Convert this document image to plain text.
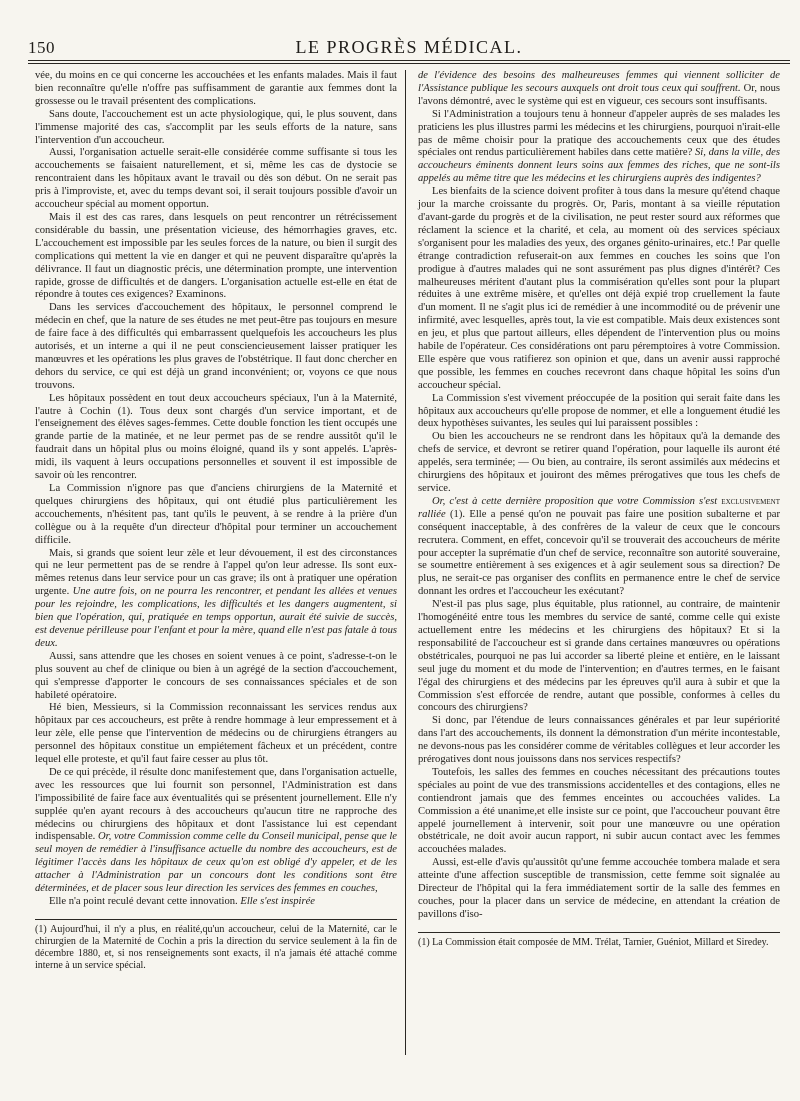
150	LE PROGRÈS MÉDICAL.

vée, du moins en ce qui concerne les accouchées et les enfants malades. Mais il faut bien reconnaître qu'elle n'offre pas suffisamment de garantie aux femmes dont la grossesse ou le travail présentent des complications.

Sans doute, l'accouchement est un acte physiologique, qui, le plus souvent, dans l'immense majorité des cas, s'accomplit par les seuls efforts de la nature, sans l'intervention d'un accoucheur.

Aussi, l'organisation actuelle serait-elle considérée comme suffisante si tous les accouchements se faisaient naturellement, et si, même les cas de dystocie se rencontraient dans les hôpitaux avant le travail ou dès son début. On ne serait pas pris à l'improviste, et, avec du temps devant soi, il serait toujours possible d'avoir un accoucheur spécial au moment opportun.

Mais il est des cas rares, dans lesquels on peut rencontrer un rétrécissement considérable du bassin, une présentation vicieuse, des hémorrhagies graves, etc. L'accouchement est impossible par les seules forces de la nature, ou bien il surgit des complications qui mettent la vie en danger et qui ne peuvent disparaître qu'après la délivrance. Il faut un diagnostic précis, une détermination prompte, une intervention rapide, grosse de difficultés et de dangers. L'organisation actuelle est-elle en état de répondre à toutes ces exigences? Examinons.

Dans les services d'accouchement des hôpitaux, le personnel comprend le médecin en chef, que la nature de ses études ne met peut-être pas toujours en mesure de faire face à des difficultés qui embarrassent quelquefois les accoucheurs les plus autorisés, et un interne a qui il ne peut consciencieusement laisser pratiquer les manœuvres et les opérations les plus graves de l'obstétrique. Il faut donc chercher en dehors du service, ce qui est déjà un grand inconvénient; or, voyons ce que nous trouvons.

Les hôpitaux possèdent en tout deux accoucheurs spéciaux, l'un à la Maternité, l'autre à Cochin (1). Tous deux sont chargés d'un service important, et de l'enseignement des élèves sages-femmes. Cette double fonction les tient occupés une grande partie de la matinée, et ne leur permet pas de se rendre aussitôt qu'il le faudrait dans un hôpital plus ou moins éloigné, quand ils y sont appelés. L'après-midi, ils vaquent à leurs occupations personnelles et souvent il est impossible de savoir où les rencontrer.

La Commission n'ignore pas que d'anciens chirurgiens de la Maternité et quelques chirurgiens des hôpitaux, qui ont étudié plus particulièrement les accouchements, n'hésitent pas, tant qu'ils le peuvent, à se rendre à la prière d'un collègue ou à la requête d'un directeur d'hôpital pour terminer un accouchement difficile.

Mais, si grands que soient leur zèle et leur dévouement, il est des circonstances qui ne leur permettent pas de se rendre à l'appel qu'on leur adresse. Ils sont eux-mêmes retenus dans leur service pour un cas grave; ils ont à pratiquer une opération urgente. Une autre fois, on ne pourra les rencontrer, et pendant les allées et venues pour les rejoindre, les complications, les difficultés et les dangers augmentent, si bien que l'opération, qui, pratiquée en temps opportun, aurait été suivie de succès, est devenue périlleuse pour l'enfant et pour la mère, quand elle n'est pas fatale à tous deux.

Aussi, sans attendre que les choses en soient venues à ce point, s'adresse-t-on le plus souvent au chef de clinique ou bien à un agrégé de la section d'accouchement, qui s'empresse d'apporter le concours de ses connaissances spéciales et de son habileté opératoire.

Hé bien, Messieurs, si la Commission reconnaissant les services rendus aux hôpitaux par ces accoucheurs, est prête à rendre hommage à leur empressement et à leur zèle, elle pense que l'intervention de médecins ou de chirurgiens étrangers au personnel des hôpitaux constitue un empiétement fâcheux et un précédent, contre lequel elle proteste, et qu'il faut faire cesser au plus tôt.

De ce qui précède, il résulte donc manifestement que, dans l'organisation actuelle, avec les ressources que lui fournit son personnel, l'Administration est dans l'impossibilité de faire face aux éventualités qui se présentent journellement. Elle n'y supplée qu'en ayant recours à des accoucheurs qu'aucun titre ne rapproche des médecins ou chirurgiens des hôpitaux et dont l'assistance lui est cependant indispensable. Or, votre Commission comme celle du Conseil municipal, pense que le seul moyen de remédier à l'insuffisance actuelle du nombre des accoucheurs, est de légitimer l'accès dans les hôpitaux de ceux qu'on est obligé d'y appeler, et de les attacher à l'Administration par un concours dont les conditions sont être déterminées, et de placer sous leur direction les services des femmes en couches,

Elle n'a point reculé devant cette innovation. Elle s'est inspirée

(1) Aujourd'hui, il n'y a plus, en réalité,qu'un accoucheur, celui de la Maternité, car le chirurgien de la Maternité de Cochin a pris la direction du service seulement à la fin de décembre 1880, et, si nos renseignements sont exacts, il n'a jamais été attaché comme interne à un service spécial.

de l'évidence des besoins des malheureuses femmes qui viennent solliciter de l'Assistance publique les secours auxquels ont droit tous ceux qui souffrent. Or, nous l'avons démontré, avec le système qui est en vigueur, ces secours sont insuffisants.

Si l'Administration a toujours tenu à honneur d'appeler auprès de ses malades les praticiens les plus illustres parmi les médecins et les chirurgiens, pourquoi n'irait-elle pas de même choisir pour la pratique des accouchements ceux que des études spéciales ont rendus particulièrement habiles dans cette matière? Si, dans la ville, des accoucheurs éminents donnent leurs soins aux femmes des riches, que ne sont-ils appelés au même titre que les médecins et les chirurgiens auprès des indigentes?

Les bienfaits de la science doivent profiter à tous dans la mesure qu'étend chaque jour la marche croissante du progrès. Or, Paris, montant à sa vieille réputation d'avant-garde du progrès et de la civilisation, ne peut rester sourd aux réformes que réclament la science et la charité, et cela, au moment où des services spéciaux s'organisent pour les maladies des yeux, des organes génito-urinaires, etc.! Par quelle étrange contradiction refuserait-on aux femmes en couches les soins que l'on prodigue à d'autres malades qui ne sont assurément pas plus dignes d'intérêt? Ces malheureuses méritent d'autant plus la commisération qu'elles sont pour la plupart réduites à une extrême misère, et qu'elles ont déjà expié trop cruellement la faute d'un moment. Il ne s'agit plus ici de remédier à une incommodité ou de prévenir une infirmité, avec lesquelles, après tout, la vie est compatible. Mais deux existences sont en jeu, et plus que partout ailleurs, elles dépendent de l'intervention plus ou moins habile de l'opérateur. Ces considérations ont paru péremptoires à votre Commission. Elle espère que vous ratifierez son opinion et que, dans un avenir aussi rapproché que possible, les femmes en couches recevront dans chaque hôpital les soins d'un accoucheur spécial.

La Commission s'est vivement préoccupée de la position qui serait faite dans les hôpitaux aux accoucheurs qu'elle propose de nommer, et elle a longuement étudié les deux hypothèses suivantes, les seules qui lui paraissent possibles :

Ou bien les accoucheurs ne se rendront dans les hôpitaux qu'à la demande des chefs de service, et devront se retirer quand l'opération, pour laquelle ils auront été appelés, sera terminée; — Ou bien, au contraire, ils seront assimilés aux médecins et chirurgiens des hôpitaux et jouiront des mêmes prérogatives que tous les chefs de service.

Or, c'est à cette dernière proposition que votre Commission s'est exclusivement ralliée (1). Elle a pensé qu'on ne pouvait pas faire une position subalterne et par conséquent inacceptable, à des confrères de la valeur de ceux que le concours recrutera. Comment, en effet, concevoir qu'il se trouverait des accoucheurs de mérite pour accepter la suprématie d'un chef de service, reconnaître son autorité souveraine, se soumettre entièrement à ses exigences et à agir seulement sous sa direction? De plus, ne serait-ce pas organiser des conflits en permanence entre le chef de service donnant les ordres et l'accoucheur les exécutant?

N'est-il pas plus sage, plus équitable, plus rationnel, au contraire, de maintenir l'homogénéité entre tous les membres du service de santé, comme celle qui existe actuellement entre les médecins et les chirurgiens des hôpitaux? Et si la responsabilité de l'accoucheur est si grande dans certaines manœuvres ou opérations obstétricales, pourquoi ne pas lui accorder sa liberté pleine et entière, en le laissant seul juge du moment et du mode de l'intervention; en d'autres termes, en le faisant l'égal des chirurgiens et des médecins par les épreuves qu'il aura à subir et que la Commission s'est efforcée de rendre, autant que possible, conformes à celles du concours des chirurgiens?

Si donc, par l'étendue de leurs connaissances générales et par leur supériorité dans l'art des accouchements, ils donnent la démonstration d'un mérite incontestable, ne devons-nous pas les considérer comme de véritables collègues et leur accorder les prérogatives dont nous jouissons dans nos services respectifs?

Toutefois, les salles des femmes en couches nécessitant des précautions toutes spéciales au point de vue des transmissions accidentelles et des contagions, elles ne contiendront jamais que des femmes enceintes ou accouchées valides. La Commission a été unanime,et elle insiste sur ce point, que l'accoucheur pouvant être appelé journellement à intervenir, soit pour une manœuvre ou une opération obstétricale, ne doit avoir aucun rapport, ni subir aucun contact avec les femmes accouchées malades.

Aussi, est-elle d'avis qu'aussitôt qu'une femme accouchée tombera malade et sera atteinte d'une affection susceptible de transmission, cette femme soit signalée au Directeur de l'hôpital qui la fera immédiatement sortir de la salle des femmes en couches, pour la placer dans un service de médecine, en attendant la création de pavillons d'iso-

(1) La Commission était composée de MM. Trélat, Tarnier, Guéniot, Millard et Siredey.
